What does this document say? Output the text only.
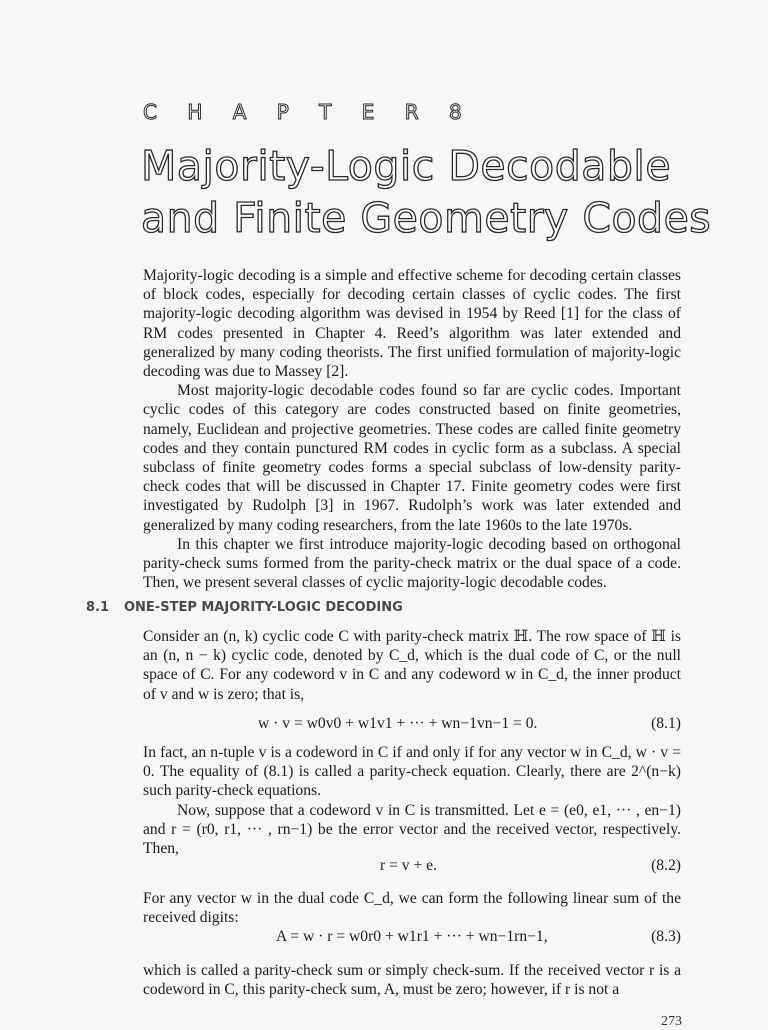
C H A P T E R 8
Majority-Logic Decodable
and Finite Geometry Codes

Majority-logic decoding is a simple and effective scheme for decoding certain classes of block codes, especially for decoding certain classes of cyclic codes. The first majority-logic decoding algorithm was devised in 1954 by Reed [1] for the class of RM codes presented in Chapter 4. Reed’s algorithm was later extended and generalized by many coding theorists. The first unified formulation of majority-logic decoding was due to Massey [2].

Most majority-logic decodable codes found so far are cyclic codes. Important cyclic codes of this category are codes constructed based on finite geometries, namely, Euclidean and projective geometries. These codes are called finite geometry codes and they contain punctured RM codes in cyclic form as a subclass. A special subclass of finite geometry codes forms a special subclass of low-density parity-check codes that will be discussed in Chapter 17. Finite geometry codes were first investigated by Rudolph [3] in 1967. Rudolph’s work was later extended and generalized by many coding researchers, from the late 1960s to the late 1970s.

In this chapter we first introduce majority-logic decoding based on orthogonal parity-check sums formed from the parity-check matrix or the dual space of a code. Then, we present several classes of cyclic majority-logic decodable codes.

8.1 ONE-STEP MAJORITY-LOGIC DECODING
Consider an (n, k) cyclic code C with parity-check matrix ℍ. The row space of ℍ is an (n, n − k) cyclic code, denoted by C_d, which is the dual code of C, or the null space of C. For any codeword v in C and any codeword w in C_d, the inner product of v and w is zero; that is,
w · v = w0v0 + w1v1 + ··· + wn−1vn−1 = 0.	(8.1)
In fact, an n-tuple v is a codeword in C if and only if for any vector w in C_d, w · v = 0. The equality of (8.1) is called a parity-check equation. Clearly, there are 2^(n−k) such parity-check equations.
Now, suppose that a codeword v in C is transmitted. Let e = (e0, e1, ··· , en−1) and r = (r0, r1, ··· , rn−1) be the error vector and the received vector, respectively. Then,
r = v + e.	(8.2)
For any vector w in the dual code C_d, we can form the following linear sum of the received digits:
A = w · r = w0r0 + w1r1 + ··· + wn−1rn−1,	(8.3)
which is called a parity-check sum or simply check-sum. If the received vector r is a codeword in C, this parity-check sum, A, must be zero; however, if r is not a
273
